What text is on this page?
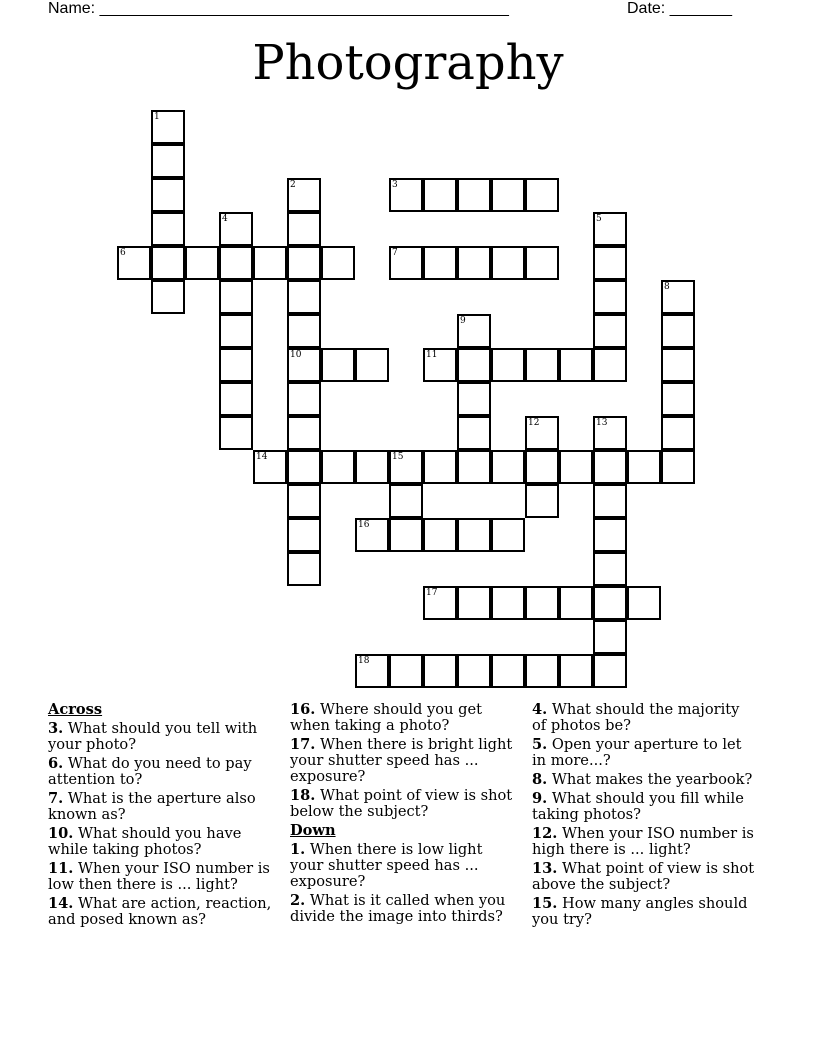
Name: ______________________________________________	Date: _______
Photography
1
2
10
3
4	5
6	7
8
9
11
12	13
14	15
16
17
18
Across
3. What should you tell with your photo?
6. What do you need to pay attention to?
7. What is the aperture also known as?
10. What should you have while taking photos?
11. When your ISO number is low then there is ... light?
14. What are action, reaction, and posed known as?
16. Where should you get when taking a photo?
17. When there is bright light your shutter speed has ... exposure?
18. What point of view is shot below the subject?
Down
1. When there is low light your shutter speed has ... exposure?
2. What is it called when you divide the image into thirds?
4. What should the majority of photos be?
5. Open your aperture to let in more...?
8. What makes the yearbook?
9. What should you fill while taking photos?
12. When your ISO number is high there is ... light?
13. What point of view is shot above the subject?
15. How many angles should you try?
